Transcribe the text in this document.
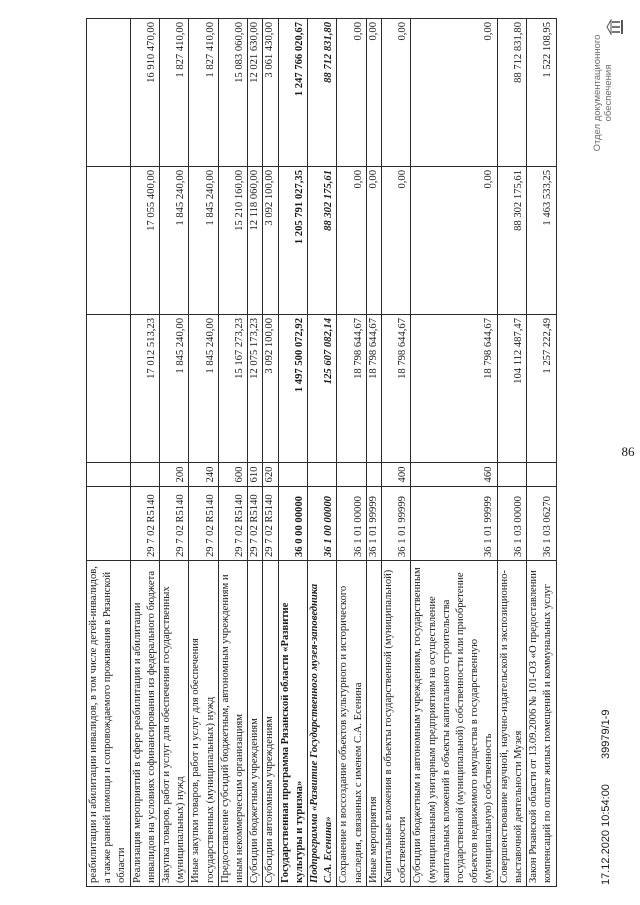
86
реабилитации и абилитации инвалидов, в том числе детей-инвалидов, а также ранней помощи и сопровождаемого проживания в Рязанской области					
Реализация мероприятий в сфере реабилитации и абилитации инвалидов на условиях софинансирования из федерального бюджета	29 7 02 R5140		17 012 513,23	17 055 400,00	16 910 470,00
Закупка товаров, работ и услуг для обеспечения государственных (муниципальных) нужд	29 7 02 R5140	200	1 845 240,00	1 845 240,00	1 827 410,00
Иные закупки товаров, работ и услуг для обеспечения государственных (муниципальных) нужд	29 7 02 R5140	240	1 845 240,00	1 845 240,00	1 827 410,00
Предоставление субсидий бюджетным, автономным учреждениям и иным некоммерческим организациям	29 7 02 R5140	600	15 167 273,23	15 210 160,00	15 083 060,00
Субсидии бюджетным учреждениям	29 7 02 R5140	610	12 075 173,23	12 118 060,00	12 021 630,00
Субсидии автономным учреждениям	29 7 02 R5140	620	3 092 100,00	3 092 100,00	3 061 430,00
Государственная программа Рязанской области «Развитие культуры и туризма»	36 0 00 00000		1 497 500 072,92	1 205 791 027,35	1 247 766 020,67
Подпрограмма «Развитие Государственного музея-заповедника С.А. Есенина»	36 1 00 00000		125 607 082,14	88 302 175,61	88 712 831,80
Сохранение и воссоздание объектов культурного и исторического наследия, связанных с именем С.А. Есенина	36 1 01 00000		18 798 644,67	0,00	0,00
Иные мероприятия	36 1 01 99999		18 798 644,67	0,00	0,00
Капитальные вложения в объекты государственной (муниципальной) собственности	36 1 01 99999	400	18 798 644,67	0,00	0,00
Субсидии бюджетным и автономным учреждениям, государственным (муниципальным) унитарным предприятиям на осуществление капитальных вложений в объекты капитального строительства государственной (муниципальной) собственности или приобретение объектов недвижимого имущества в государственную (муниципальную) собственность	36 1 01 99999	460	18 798 644,67	0,00	0,00
Совершенствование научной, научно-издательской и экспозиционно-выставочной деятельности Музея	36 1 03 00000		104 112 487,47	88 302 175,61	88 712 831,80
Закон Рязанской области от 13.09.2006 № 101-ОЗ «О предоставлении компенсаций по оплате жилых помещений и коммунальных услуг	36 1 03 06270		1 257 222,49	1 463 533,25	1 522 108,95
17.12.2020 10:54:00 39979/1-9
Отдел документационного обеспечения
